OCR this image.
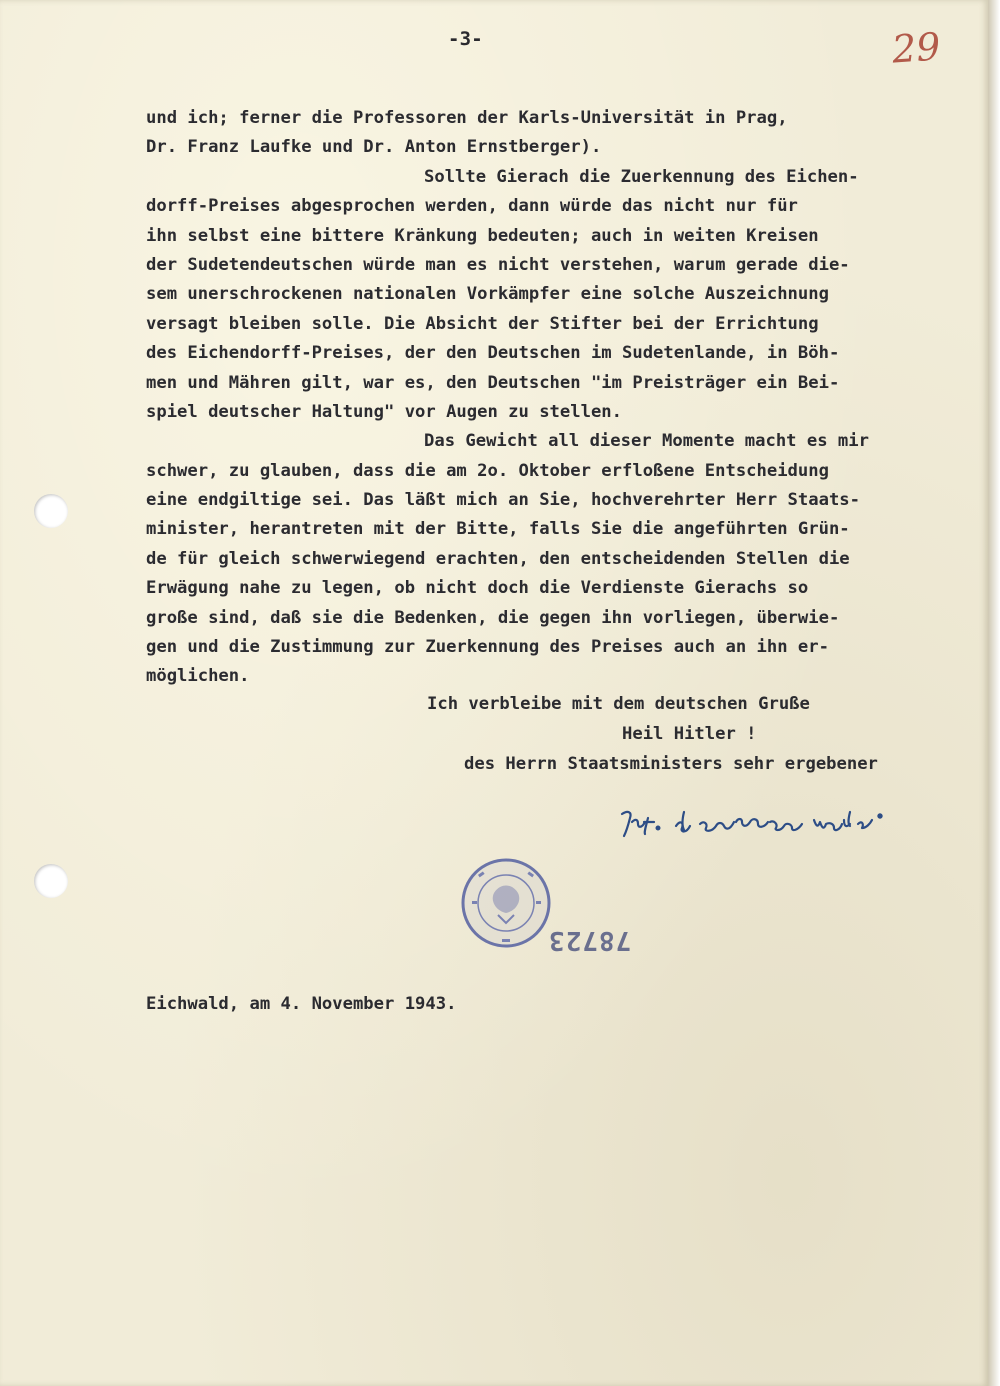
-3-	29
und ich; ferner die Professoren der Karls-Universität in Prag,
Dr. Franz Laufke und Dr. Anton Ernstberger).
Sollte Gierach die Zuerkennung des Eichen-
dorff-Preises abgesprochen werden, dann würde das nicht nur für
ihn selbst eine bittere Kränkung bedeuten; auch in weiten Kreisen
der Sudetendeutschen würde man es nicht verstehen, warum gerade die-
sem unerschrockenen nationalen Vorkämpfer eine solche Auszeichnung
versagt bleiben solle. Die Absicht der Stifter bei der Errichtung
des Eichendorff-Preises, der den Deutschen im Sudetenlande, in Böh-
men und Mähren gilt, war es, den Deutschen "im Preisträger ein Bei-
spiel deutscher Haltung" vor Augen zu stellen.
Das Gewicht all dieser Momente macht es mir
schwer, zu glauben, dass die am 2o. Oktober erfloßene Entscheidung
eine endgiltige sei. Das läßt mich an Sie, hochverehrter Herr Staats-
minister, herantreten mit der Bitte, falls Sie die angeführten Grün-
de für gleich schwerwiegend erachten, den entscheidenden Stellen die
Erwägung nahe zu legen, ob nicht doch die Verdienste Gierachs so
große sind, daß sie die Bedenken, die gegen ihn vorliegen, überwie-
gen und die Zustimmung zur Zuerkennung des Preises auch an ihn er-
möglichen.
Ich verbleibe mit dem deutschen Gruße
Heil Hitler !
des Herrn Staatsministers sehr ergebener
Prof. Dr. Wilhelm Wostry
78723
Eichwald, am 4. November 1943.
